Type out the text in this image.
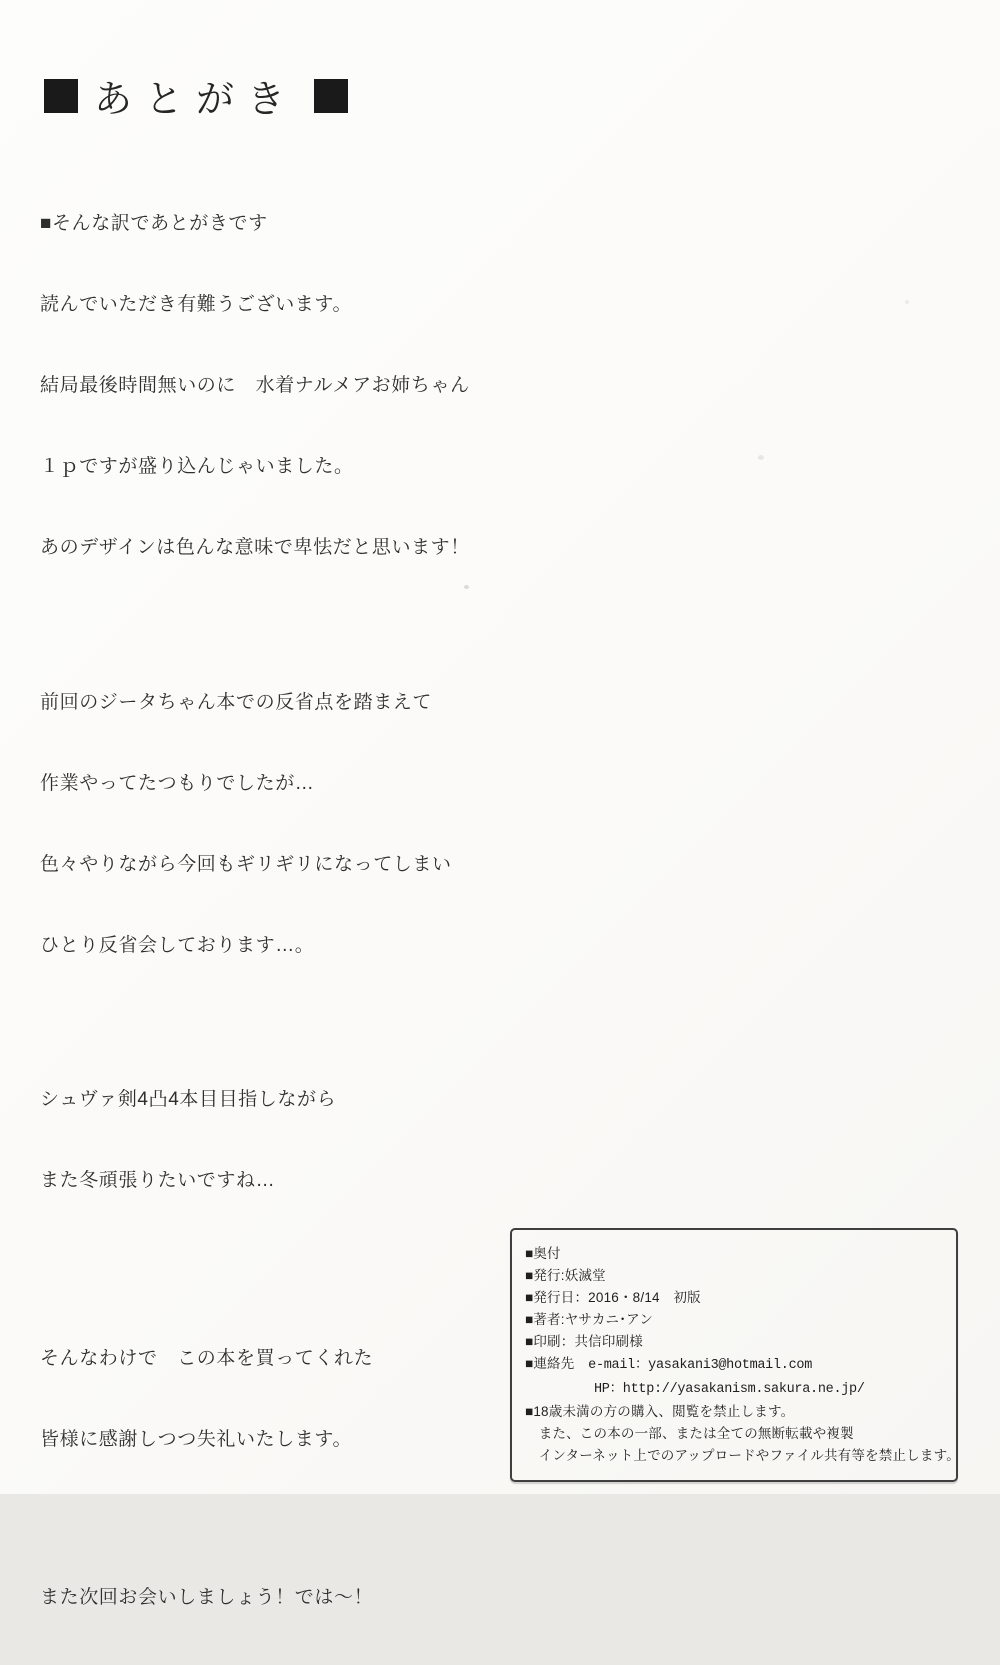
あとがき

■そんな訳であとがきです

読んでいただき有難うございます。

結局最後時間無いのに　水着ナルメアお姉ちゃん

１ｐですが盛り込んじゃいました。

あのデザインは色んな意味で卑怯だと思います！

前回のジータちゃん本での反省点を踏まえて

作業やってたつもりでしたが…

色々やりながら今回もギリギリになってしまい

ひとり反省会しております…。

シュヴァ剣4凸4本目目指しながら

また冬頑張りたいですね…

そんなわけで　この本を買ってくれた

皆様に感謝しつつ失礼いたします。

また次回お会いしましょう！では～！

■奥付
■発行:妖滅堂
■発行日：2016・8/14　初版
■著者:ヤサカニ･アン
■印刷：共信印刷様
■連絡先　e-mail：yasakani3@hotmail.com
HP：http://yasakanism.sakura.ne.jp/
■18歳未満の方の購入、閲覧を禁止します。
　また、この本の一部、または全ての無断転載や複製
　インターネット上でのアップロードやファイル共有等を禁止します。
